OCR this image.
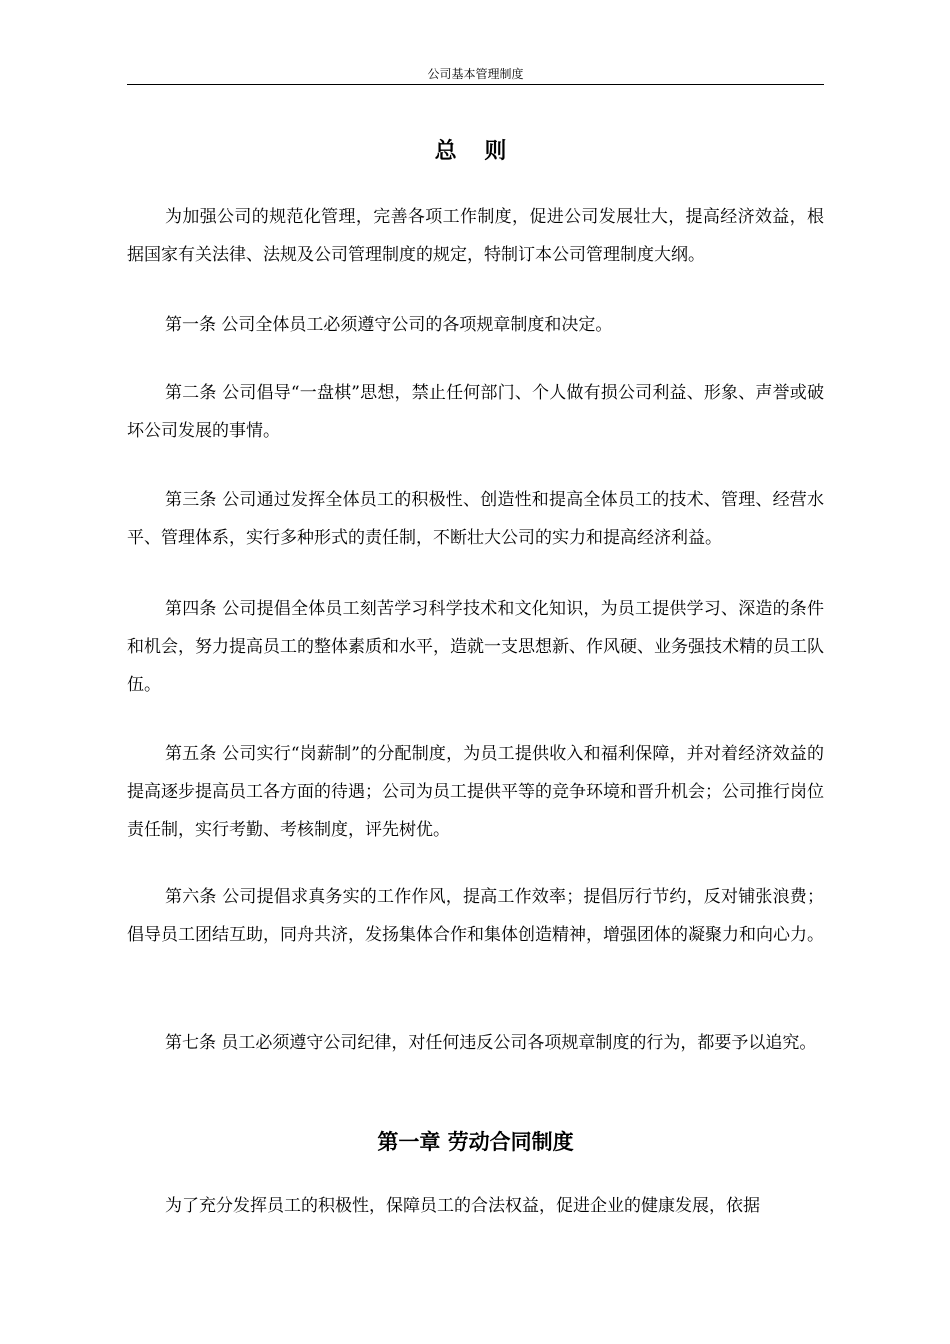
公司基本管理制度
总 则

为加强公司的规范化管理，完善各项工作制度，促进公司发展壮大，提高经济效益，根据国家有关法律、法规及公司管理制度的规定，特制订本公司管理制度大纲。

第一条 公司全体员工必须遵守公司的各项规章制度和决定。

第二条 公司倡导“一盘棋”思想，禁止任何部门、个人做有损公司利益、形象、声誉或破坏公司发展的事情。

第三条 公司通过发挥全体员工的积极性、创造性和提高全体员工的技术、管理、经营水平、管理体系，实行多种形式的责任制，不断壮大公司的实力和提高经济利益。

第四条 公司提倡全体员工刻苦学习科学技术和文化知识，为员工提供学习、深造的条件和机会，努力提高员工的整体素质和水平，造就一支思想新、作风硬、业务强技术精的员工队伍。

第五条 公司实行“岗薪制”的分配制度，为员工提供收入和福利保障，并对着经济效益的提高逐步提高员工各方面的待遇；公司为员工提供平等的竞争环境和晋升机会；公司推行岗位责任制，实行考勤、考核制度，评先树优。

第六条 公司提倡求真务实的工作作风，提高工作效率；提倡厉行节约，反对铺张浪费；倡导员工团结互助，同舟共济，发扬集体合作和集体创造精神，增强团体的凝聚力和向心力。

第七条 员工必须遵守公司纪律，对任何违反公司各项规章制度的行为，都要予以追究。

第一章 劳动合同制度

为了充分发挥员工的积极性，保障员工的合法权益，促进企业的健康发展，依据
